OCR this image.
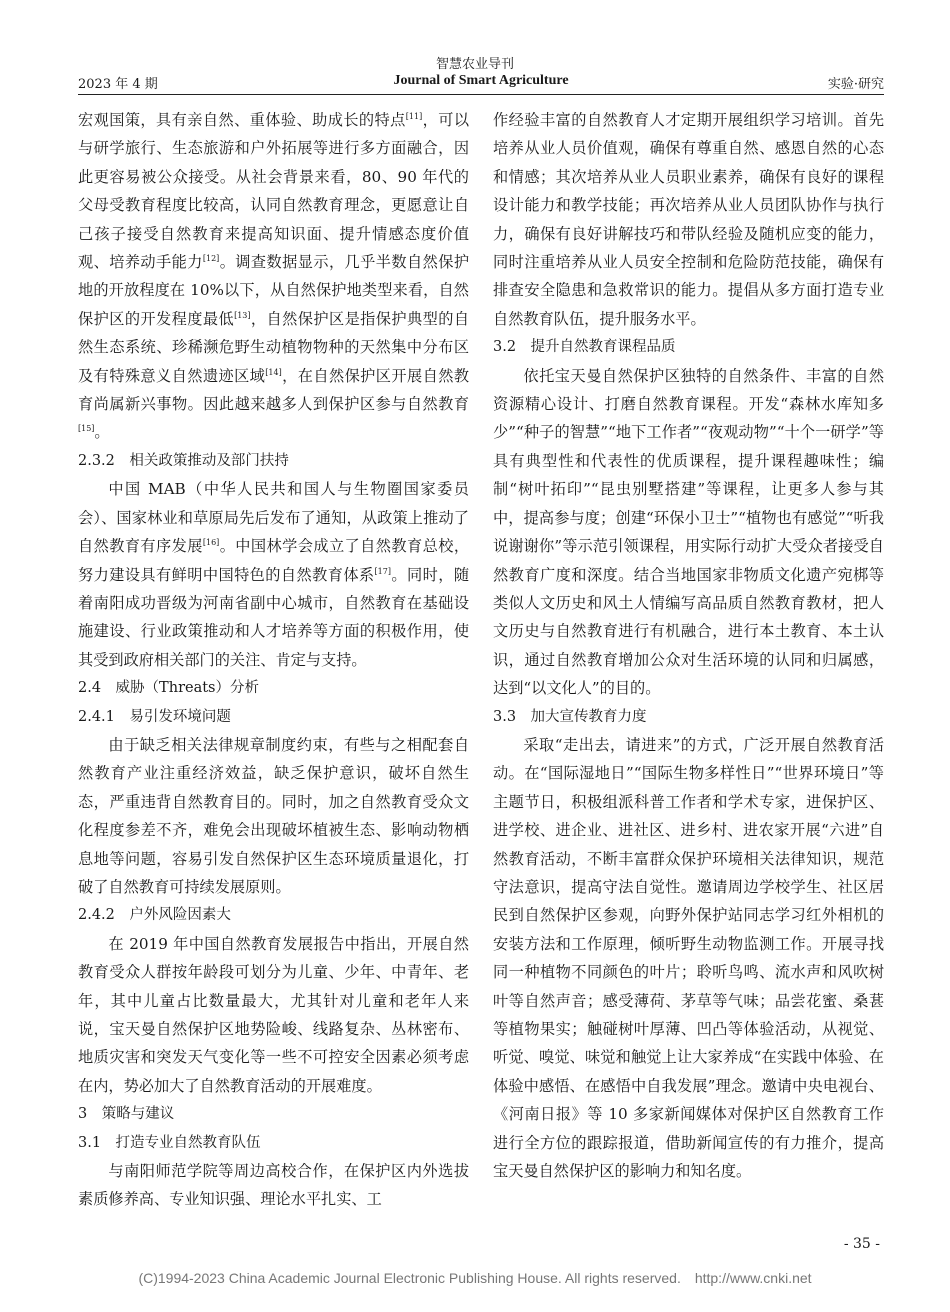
智慧农业导刊
2023 年 4 期	Journal of Smart Agriculture	实验·研究

宏观国策，具有亲自然、重体验、助成长的特点[11]，可以与研学旅行、生态旅游和户外拓展等进行多方面融合，因此更容易被公众接受。从社会背景来看，80、90 年代的父母受教育程度比较高，认同自然教育理念，更愿意让自己孩子接受自然教育来提高知识面、提升情感态度价值观、培养动手能力[12]。调查数据显示，几乎半数自然保护地的开放程度在 10%以下，从自然保护地类型来看，自然保护区的开发程度最低[13]，自然保护区是指保护典型的自然生态系统、珍稀濒危野生动植物物种的天然集中分布区及有特殊意义自然遗迹区域[14]，在自然保护区开展自然教育尚属新兴事物。因此越来越多人到保护区参与自然教育[15]。

2.3.2　相关政策推动及部门扶持

中国 MAB（中华人民共和国人与生物圈国家委员会）、国家林业和草原局先后发布了通知，从政策上推动了自然教育有序发展[16]。中国林学会成立了自然教育总校，努力建设具有鲜明中国特色的自然教育体系[17]。同时，随着南阳成功晋级为河南省副中心城市，自然教育在基础设施建设、行业政策推动和人才培养等方面的积极作用，使其受到政府相关部门的关注、肯定与支持。

2.4　威胁（Threats）分析
2.4.1　易引发环境问题

由于缺乏相关法律规章制度约束，有些与之相配套自然教育产业注重经济效益，缺乏保护意识，破坏自然生态，严重违背自然教育目的。同时，加之自然教育受众文化程度参差不齐，难免会出现破坏植被生态、影响动物栖息地等问题，容易引发自然保护区生态环境质量退化，打破了自然教育可持续发展原则。

2.4.2　户外风险因素大

在 2019 年中国自然教育发展报告中指出，开展自然教育受众人群按年龄段可划分为儿童、少年、中青年、老年，其中儿童占比数量最大，尤其针对儿童和老年人来说，宝天曼自然保护区地势险峻、线路复杂、丛林密布、地质灾害和突发天气变化等一些不可控安全因素必须考虑在内，势必加大了自然教育活动的开展难度。

3　策略与建议
3.1　打造专业自然教育队伍

与南阳师范学院等周边高校合作，在保护区内外选拔素质修养高、专业知识强、理论水平扎实、工

作经验丰富的自然教育人才定期开展组织学习培训。首先培养从业人员价值观，确保有尊重自然、感恩自然的心态和情感；其次培养从业人员职业素养，确保有良好的课程设计能力和教学技能；再次培养从业人员团队协作与执行力，确保有良好讲解技巧和带队经验及随机应变的能力，同时注重培养从业人员安全控制和危险防范技能，确保有排查安全隐患和急救常识的能力。提倡从多方面打造专业自然教育队伍，提升服务水平。

3.2　提升自然教育课程品质

依托宝天曼自然保护区独特的自然条件、丰富的自然资源精心设计、打磨自然教育课程。开发“森林水库知多少”“种子的智慧”“地下工作者”“夜观动物”“十个一研学”等具有典型性和代表性的优质课程，提升课程趣味性；编制“树叶拓印”“昆虫别墅搭建”等课程，让更多人参与其中，提高参与度；创建“环保小卫士”“植物也有感觉”“听我说谢谢你”等示范引领课程，用实际行动扩大受众者接受自然教育广度和深度。结合当地国家非物质文化遗产宛梆等类似人文历史和风土人情编写高品质自然教育教材，把人文历史与自然教育进行有机融合，进行本土教育、本土认识，通过自然教育增加公众对生活环境的认同和归属感，达到“以文化人”的目的。

3.3　加大宣传教育力度

采取“走出去，请进来”的方式，广泛开展自然教育活动。在“国际湿地日”“国际生物多样性日”“世界环境日”等主题节日，积极组派科普工作者和学术专家，进保护区、进学校、进企业、进社区、进乡村、进农家开展“六进”自然教育活动，不断丰富群众保护环境相关法律知识，规范守法意识，提高守法自觉性。邀请周边学校学生、社区居民到自然保护区参观，向野外保护站同志学习红外相机的安装方法和工作原理，倾听野生动物监测工作。开展寻找同一种植物不同颜色的叶片；聆听鸟鸣、流水声和风吹树叶等自然声音；感受薄荷、茅草等气味；品尝花蜜、桑葚等植物果实；触碰树叶厚薄、凹凸等体验活动，从视觉、听觉、嗅觉、味觉和触觉上让大家养成“在实践中体验、在体验中感悟、在感悟中自我发展”理念。邀请中央电视台、《河南日报》等 10 多家新闻媒体对保护区自然教育工作进行全方位的跟踪报道，借助新闻宣传的有力推介，提高宝天曼自然保护区的影响力和知名度。

- 35 -
(C)1994-2023 China Academic Journal Electronic Publishing House. All rights reserved.　http://www.cnki.net
